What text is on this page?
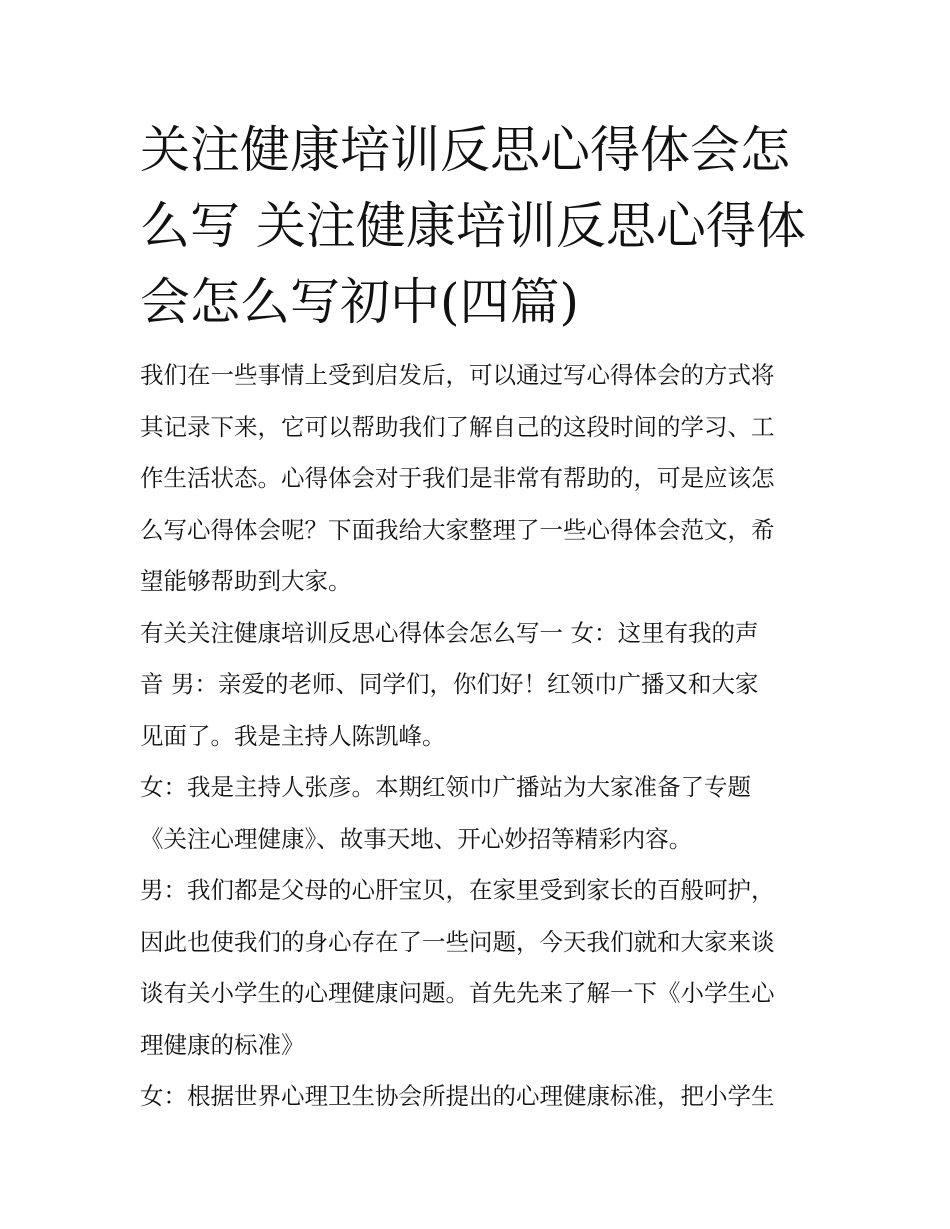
关注健康培训反思心得体会怎
么写 关注健康培训反思心得体
会怎么写初中(四篇)

我们在一些事情上受到启发后，可以通过写心得体会的方式将
其记录下来，它可以帮助我们了解自己的这段时间的学习、工
作生活状态。心得体会对于我们是非常有帮助的，可是应该怎
么写心得体会呢？下面我给大家整理了一些心得体会范文，希
望能够帮助到大家。

有关关注健康培训反思心得体会怎么写一 女：这里有我的声
音 男：亲爱的老师、同学们，你们好！红领巾广播又和大家
见面了。我是主持人陈凯峰。

女：我是主持人张彦。本期红领巾广播站为大家准备了专题
《关注心理健康》、故事天地、开心妙招等精彩内容。

男：我们都是父母的心肝宝贝，在家里受到家长的百般呵护，
因此也使我们的身心存在了一些问题，今天我们就和大家来谈
谈有关小学生的心理健康问题。首先先来了解一下《小学生心
理健康的标准》

女：根据世界心理卫生协会所提出的心理健康标准，把小学生
